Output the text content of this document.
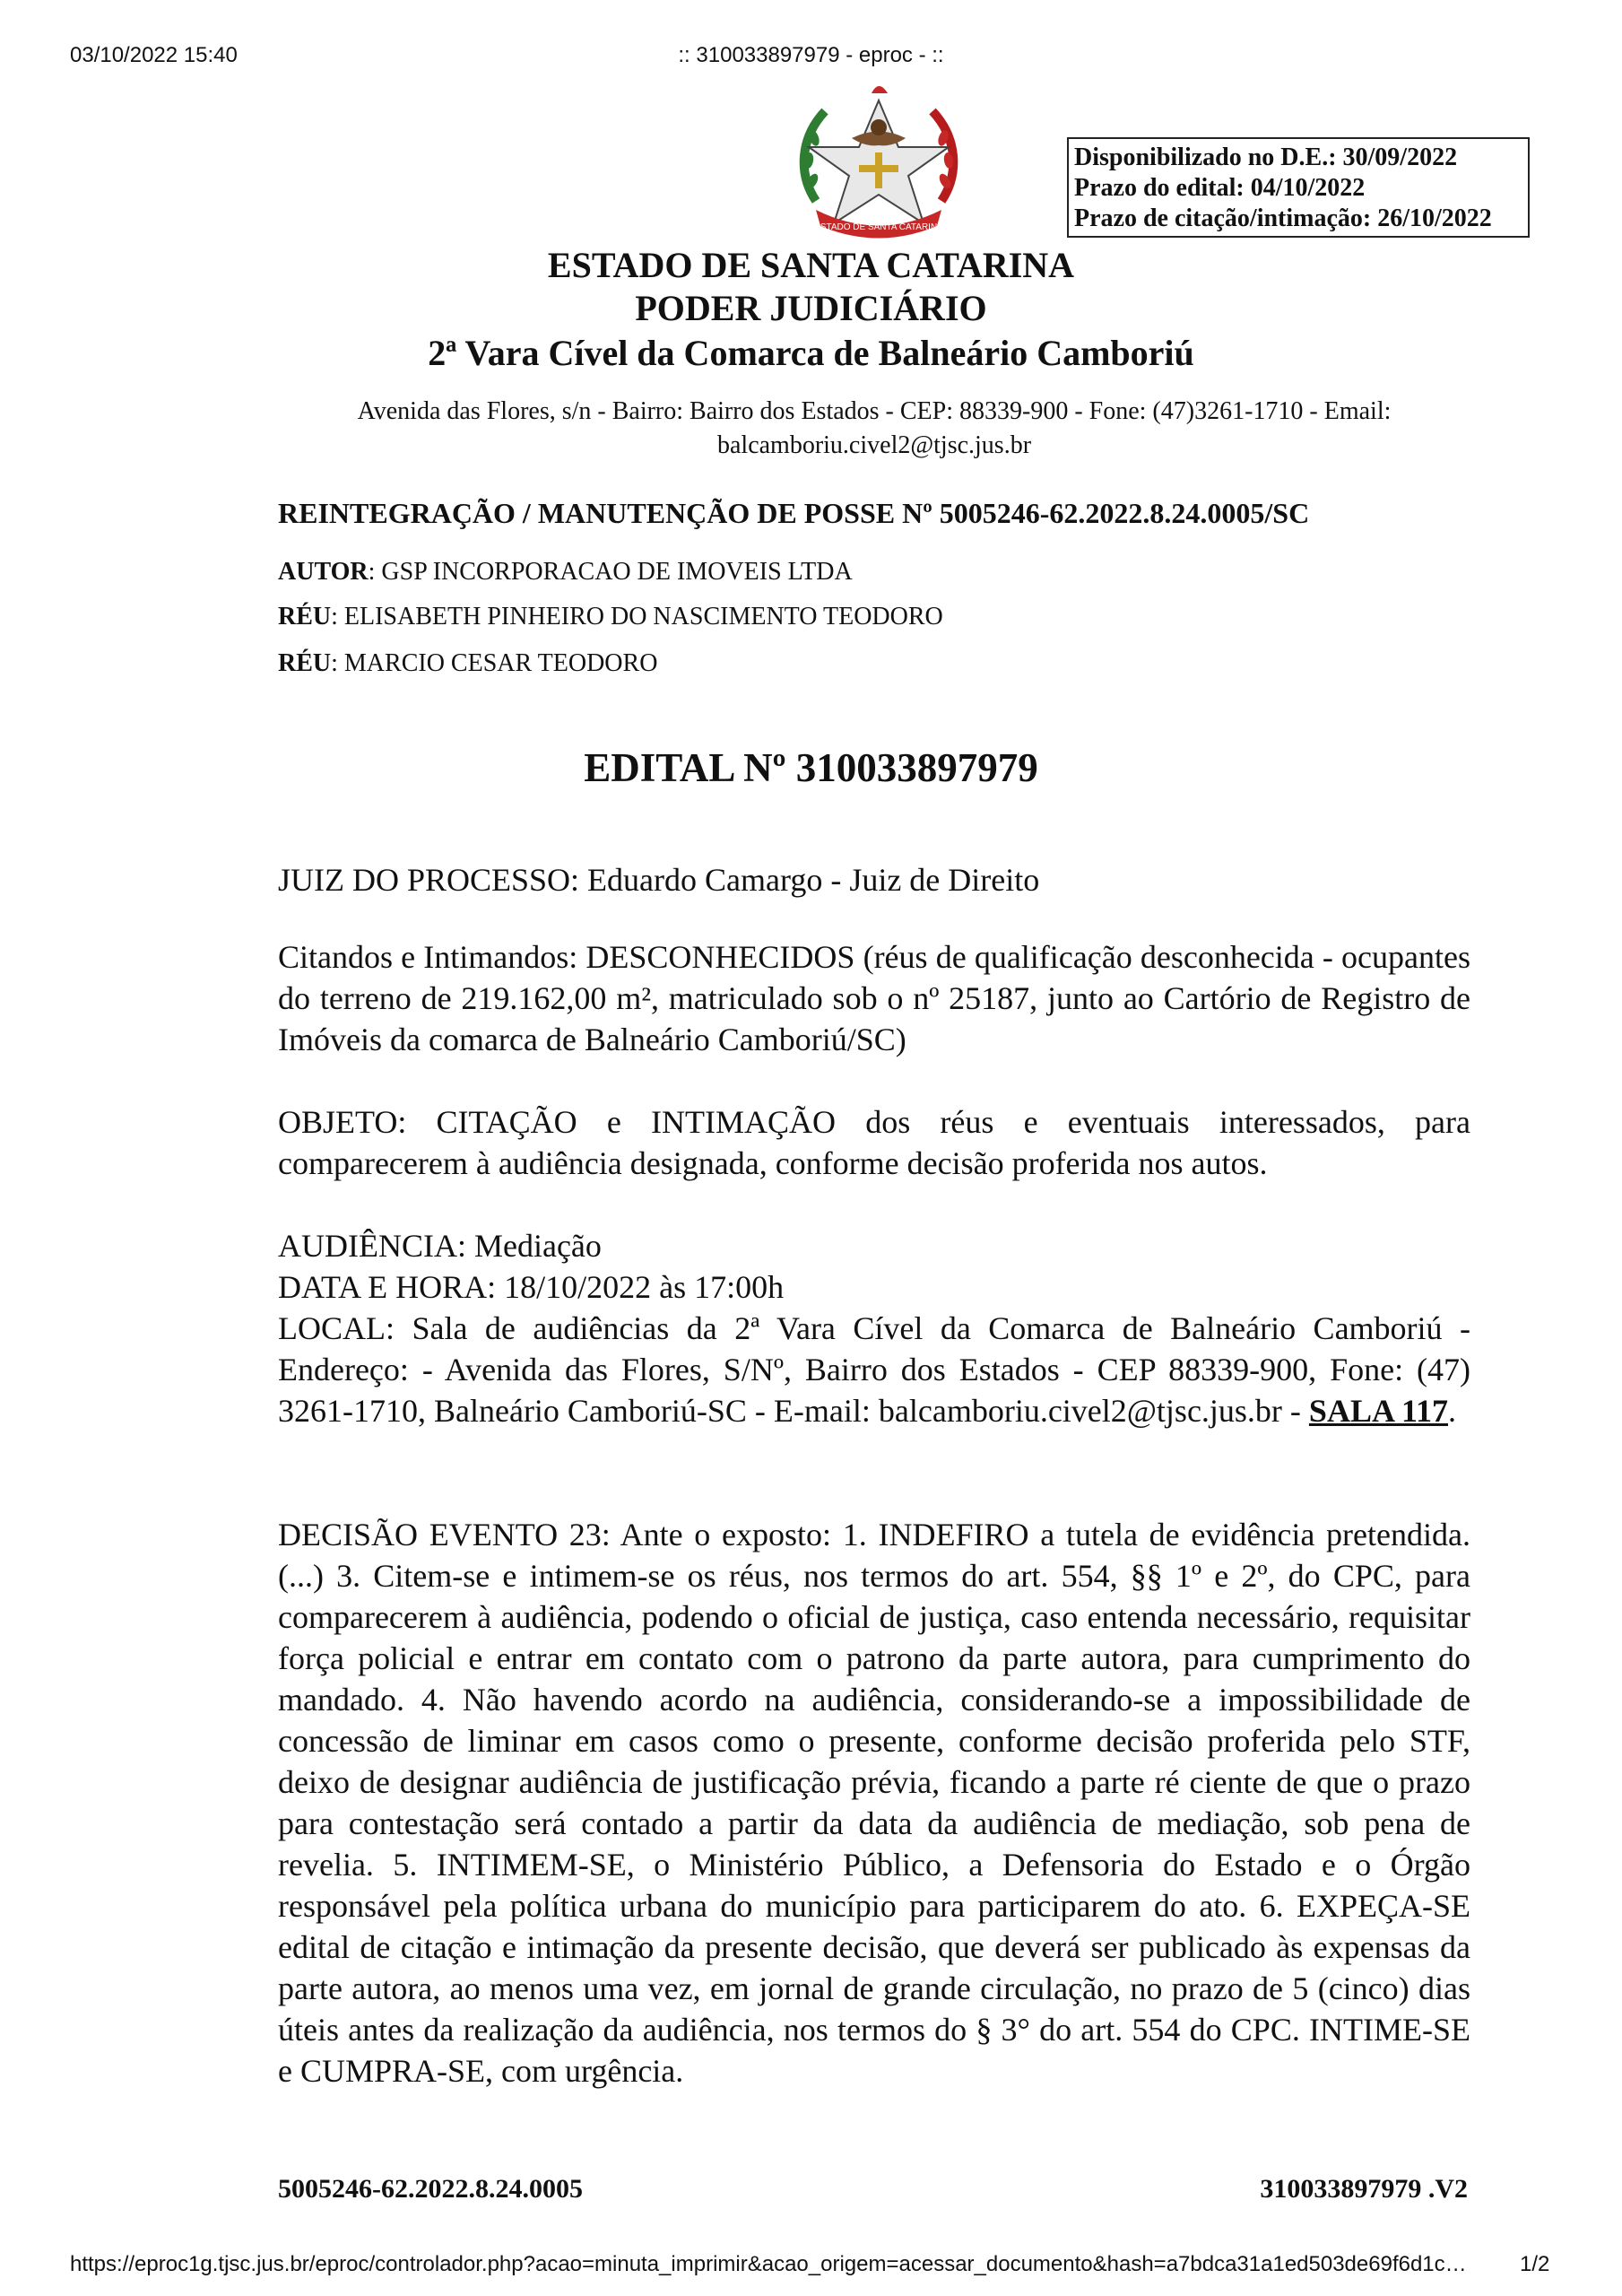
03/10/2022 15:40	:: 310033897979 - eproc - ::
ESTADO DE SANTA CATARINA
Disponibilizado no D.E.: 30/09/2022
Prazo do edital: 04/10/2022
Prazo de citação/intimação: 26/10/2022
ESTADO DE SANTA CATARINA
PODER JUDICIÁRIO
2ª Vara Cível da Comarca de Balneário Camboriú
Avenida das Flores, s/n - Bairro: Bairro dos Estados - CEP: 88339-900 - Fone: (47)3261-1710 - Email: balcamboriu.civel2@tjsc.jus.br
REINTEGRAÇÃO / MANUTENÇÃO DE POSSE Nº 5005246-62.2022.8.24.0005/SC
AUTOR: GSP INCORPORACAO DE IMOVEIS LTDA
RÉU: ELISABETH PINHEIRO DO NASCIMENTO TEODORO
RÉU: MARCIO CESAR TEODORO
EDITAL Nº 310033897979
JUIZ DO PROCESSO: Eduardo Camargo - Juiz de Direito
Citandos e Intimandos: DESCONHECIDOS (réus de qualificação desconhecida - ocupantes do terreno de 219.162,00 m², matriculado sob o nº 25187, junto ao Cartório de Registro de Imóveis da comarca de Balneário Camboriú/SC)
OBJETO: CITAÇÃO e INTIMAÇÃO dos réus e eventuais interessados, para comparecerem à audiência designada, conforme decisão proferida nos autos.
AUDIÊNCIA: Mediação
DATA E HORA: 18/10/2022 às 17:00h
LOCAL: Sala de audiências da 2ª Vara Cível da Comarca de Balneário Camboriú - Endereço: - Avenida das Flores, S/Nº, Bairro dos Estados - CEP 88339-900, Fone: (47) 3261-1710, Balneário Camboriú-SC - E-mail: balcamboriu.civel2@tjsc.jus.br - SALA 117.
DECISÃO EVENTO 23: Ante o exposto: 1. INDEFIRO a tutela de evidência pretendida. (...) 3. Citem-se e intimem-se os réus, nos termos do art. 554, §§ 1º e 2º, do CPC, para comparecerem à audiência, podendo o oficial de justiça, caso entenda necessário, requisitar força policial e entrar em contato com o patrono da parte autora, para cumprimento do mandado. 4. Não havendo acordo na audiência, considerando-se a impossibilidade de concessão de liminar em casos como o presente, conforme decisão proferida pelo STF, deixo de designar audiência de justificação prévia, ficando a parte ré ciente de que o prazo para contestação será contado a partir da data da audiência de mediação, sob pena de revelia. 5. INTIMEM-SE, o Ministério Público, a Defensoria do Estado e o Órgão responsável pela política urbana do município para participarem do ato. 6. EXPEÇA-SE edital de citação e intimação da presente decisão, que deverá ser publicado às expensas da parte autora, ao menos uma vez, em jornal de grande circulação, no prazo de 5 (cinco) dias úteis antes da realização da audiência, nos termos do § 3° do art. 554 do CPC. INTIME-SE e CUMPRA-SE, com urgência.
5005246-62.2022.8.24.0005	310033897979 .V2
https://eproc1g.tjsc.jus.br/eproc/controlador.php?acao=minuta_imprimir&acao_origem=acessar_documento&hash=a7bdca31a1ed503de69f6d1c… 1/2
